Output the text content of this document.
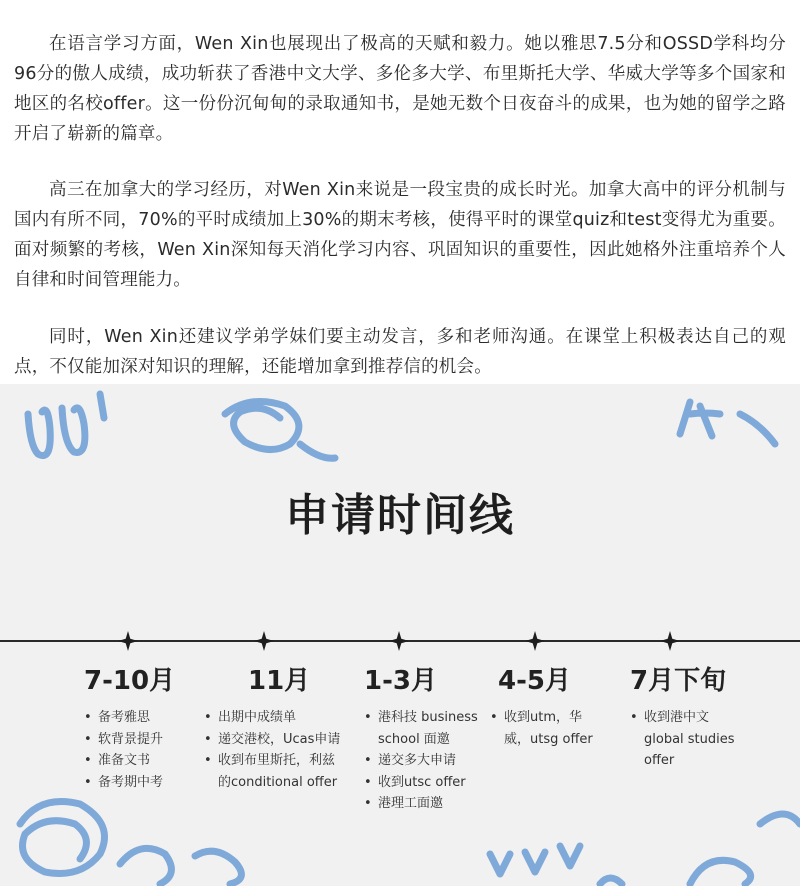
在语言学习方面，Wen Xin也展现出了极高的天赋和毅力。她以雅思7.5分和OSSD学科均分96分的傲人成绩，成功斩获了香港中文大学、多伦多大学、布里斯托大学、华威大学等多个国家和地区的名校offer。这一份份沉甸甸的录取通知书，是她无数个日夜奋斗的成果，也为她的留学之路开启了崭新的篇章。

高三在加拿大的学习经历，对Wen Xin来说是一段宝贵的成长时光。加拿大高中的评分机制与国内有所不同，70%的平时成绩加上30%的期末考核，使得平时的课堂quiz和test变得尤为重要。面对频繁的考核，Wen Xin深知每天消化学习内容、巩固知识的重要性，因此她格外注重培养个人自律和时间管理能力。

同时，Wen Xin还建议学弟学妹们要主动发言，多和老师沟通。在课堂上积极表达自己的观点，不仅能加深对知识的理解，还能增加拿到推荐信的机会。

申请时间线
7-10月
• 备考雅思
• 软背景提升
• 准备文书
• 备考期中考
11月
• 出期中成绩单
• 递交港校，Ucas申请
• 收到布里斯托，利兹
的conditional offer
1-3月
• 港科技 business
school 面邀
• 递交多大申请
• 收到utsc offer
• 港理工面邀
4-5月
• 收到utm，华
威，utsg offer
7月下旬
• 收到港中文
global studies
offer
